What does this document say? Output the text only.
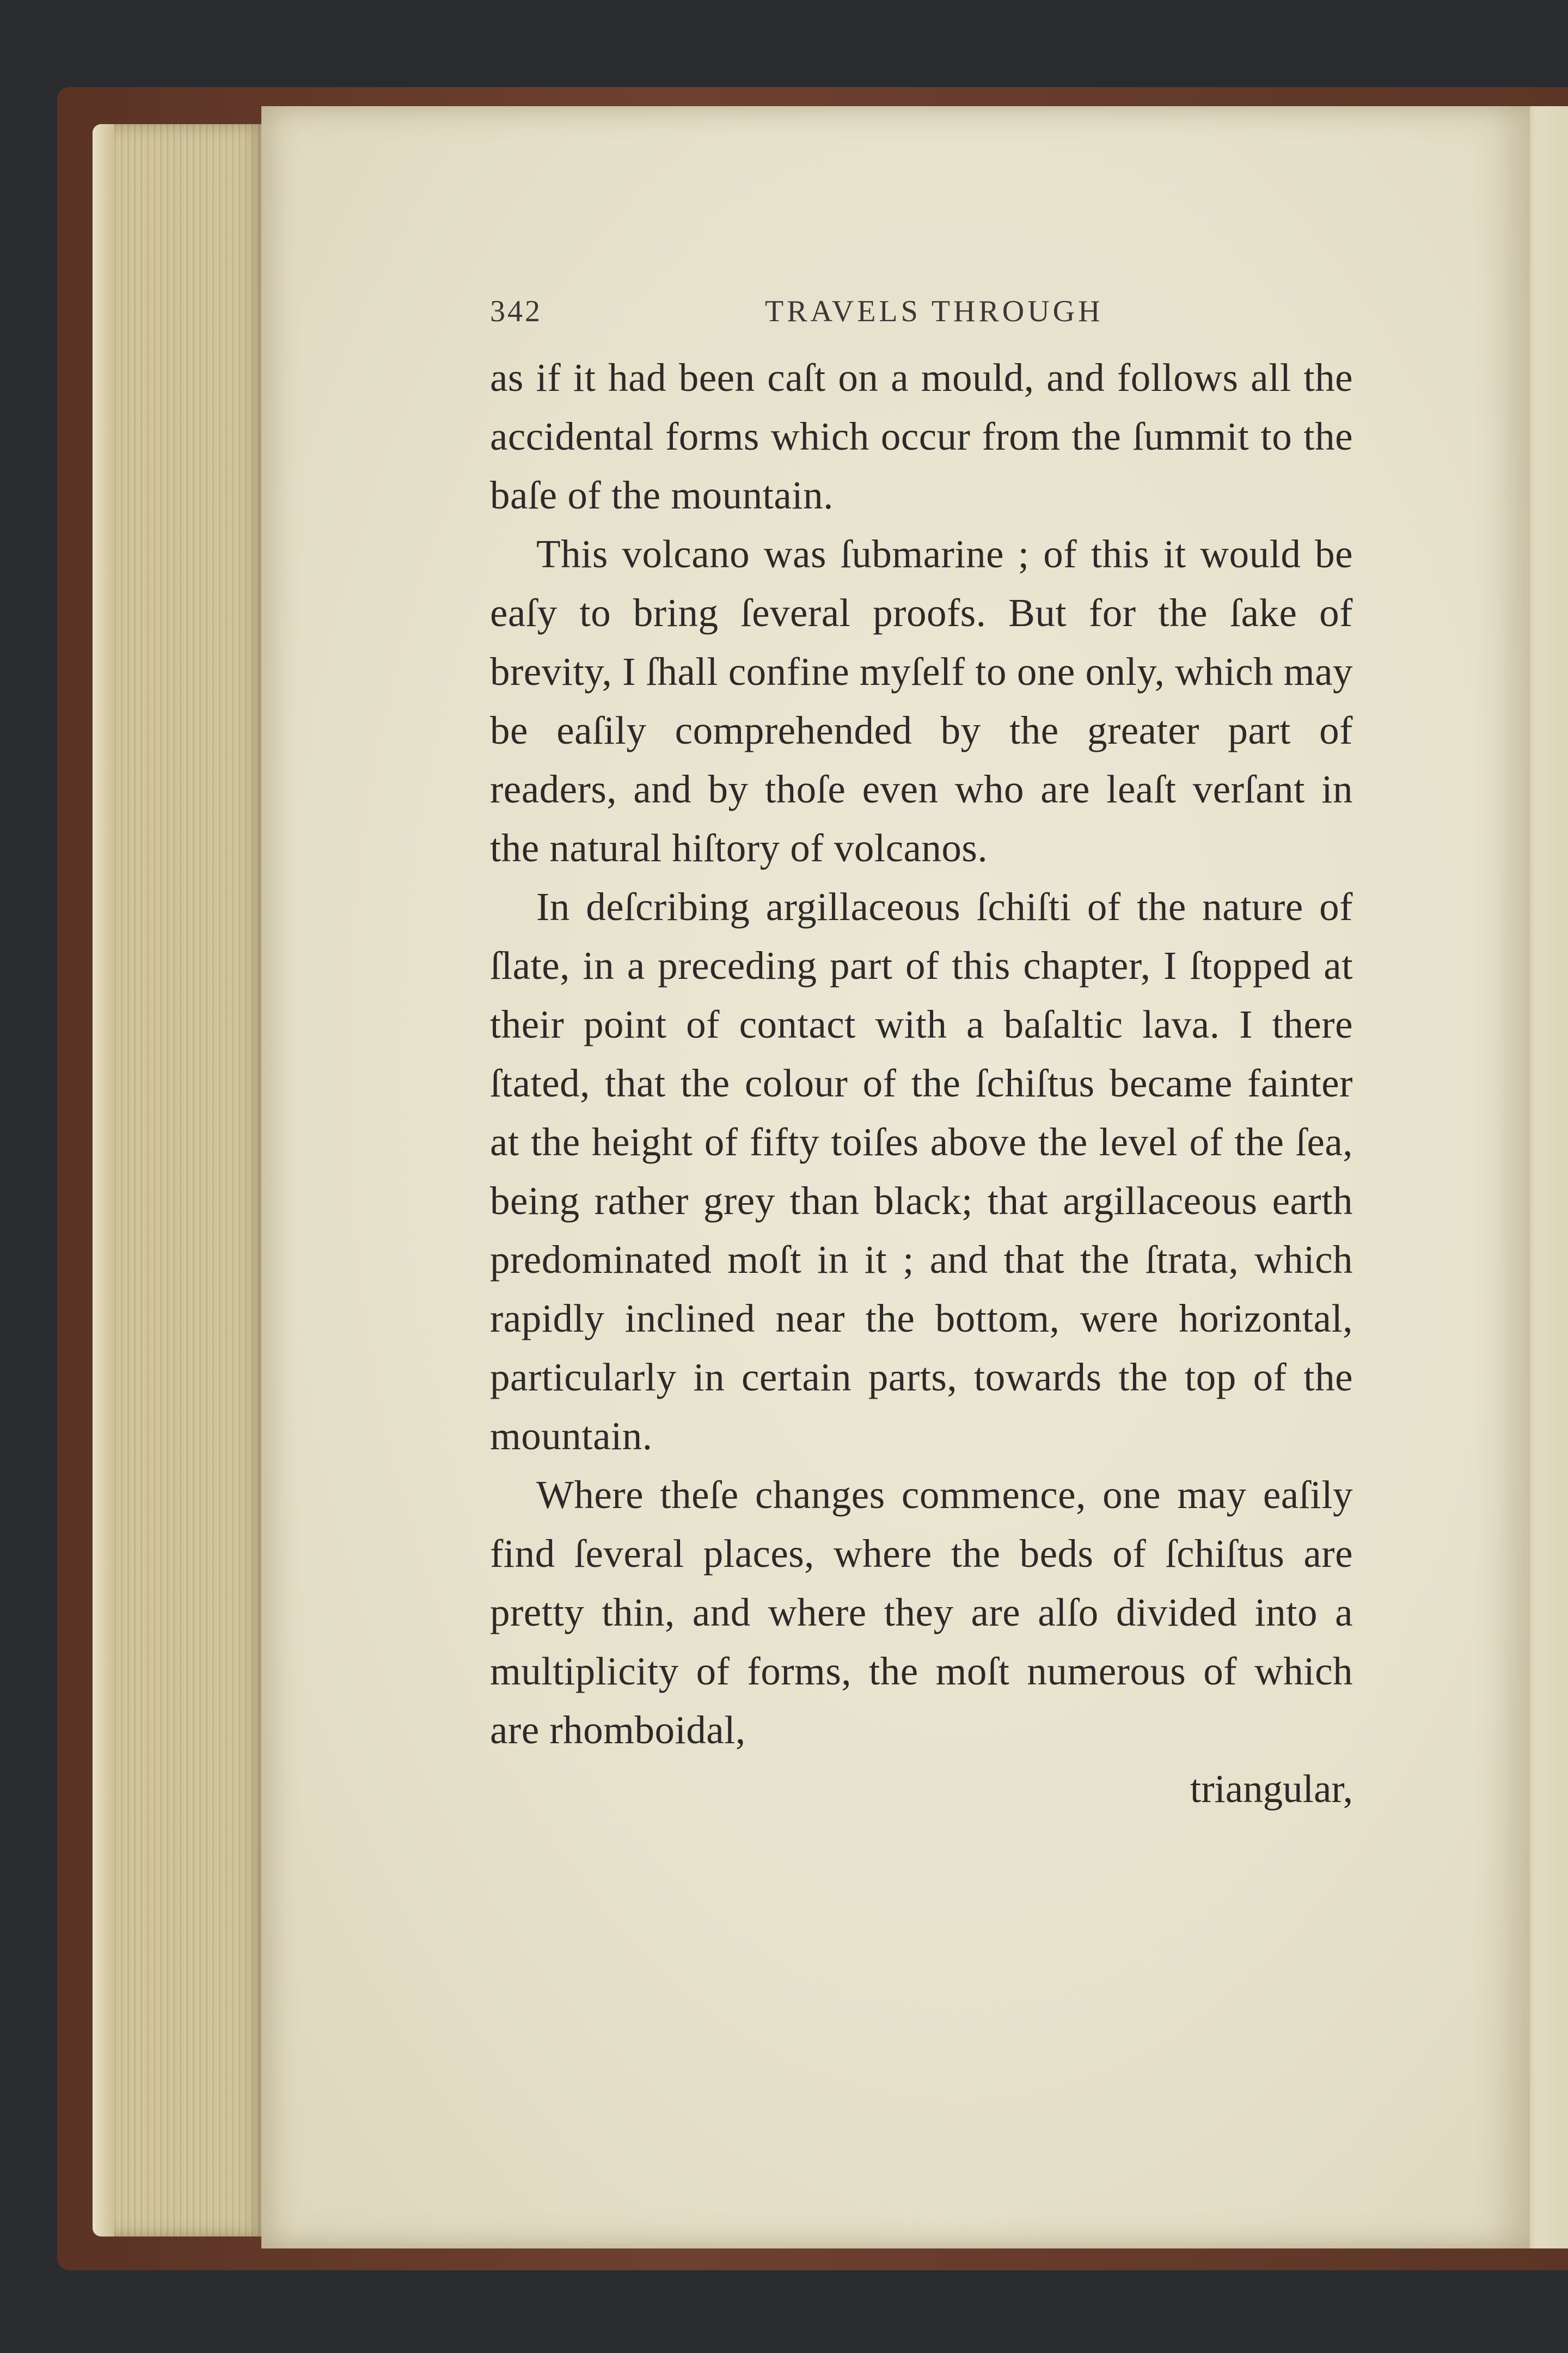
342	TRAVELS THROUGH

as if it had been caſt on a mould, and follows all the accidental forms which occur from the ſummit to the baſe of the mountain.

This volcano was ſubmarine ; of this it would be eaſy to bring ſeveral proofs. But for the ſake of brevity, I ſhall confine myſelf to one only, which may be eaſily comprehended by the greater part of readers, and by thoſe even who are leaſt verſant in the natural hiſtory of volcanos.

In deſcribing argillaceous ſchiſti of the nature of ſlate, in a preceding part of this chapter, I ſtopped at their point of contact with a baſaltic lava. I there ſtated, that the colour of the ſchiſtus became fainter at the height of fifty toiſes above the level of the ſea, being rather grey than black; that argillaceous earth predominated moſt in it ; and that the ſtrata, which rapidly inclined near the bottom, were horizontal, particularly in certain parts, towards the top of the mountain.

Where theſe changes commence, one may eaſily find ſeveral places, where the beds of ſchiſtus are pretty thin, and where they are alſo divided into a multiplicity of forms, the moſt numerous of which are rhomboidal,

triangular,
